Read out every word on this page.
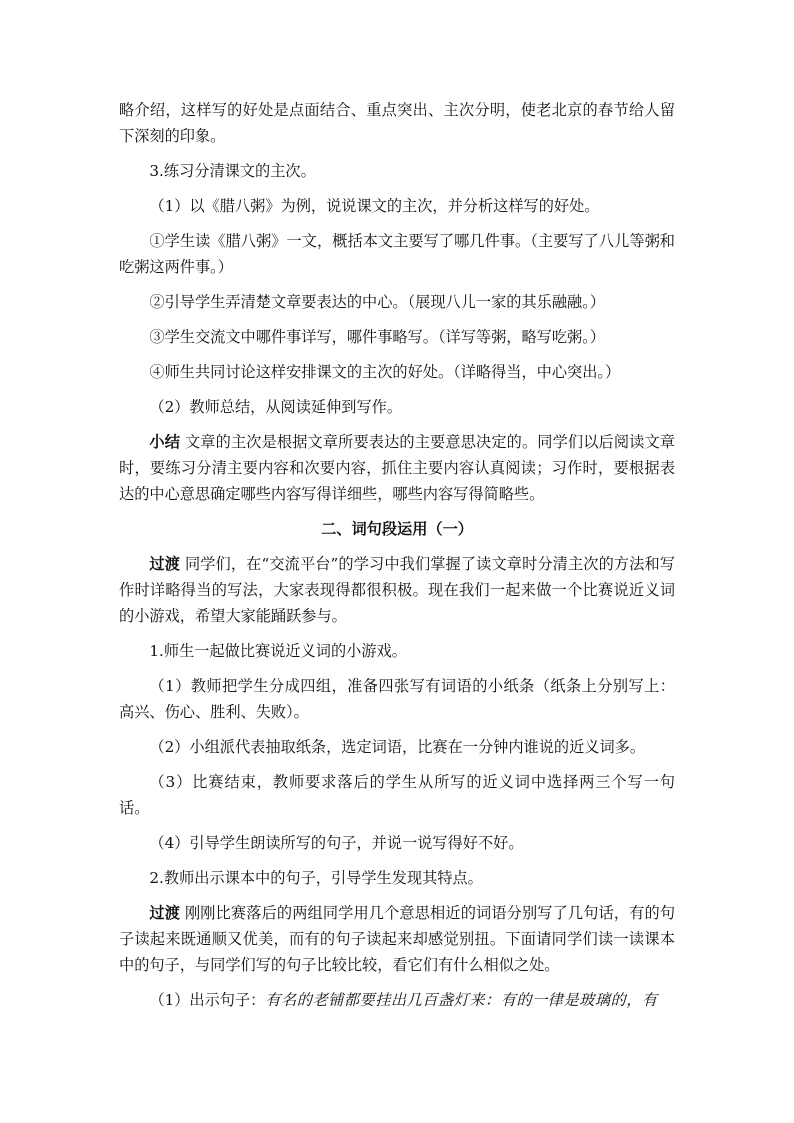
略介绍，这样写的好处是点面结合、重点突出、主次分明，使老北京的春节给人留下深刻的印象。

3.练习分清课文的主次。

（1）以《腊八粥》为例，说说课文的主次，并分析这样写的好处。

①学生读《腊八粥》一文，概括本文主要写了哪几件事。（主要写了八儿等粥和吃粥这两件事。）

②引导学生弄清楚文章要表达的中心。（展现八儿一家的其乐融融。）

③学生交流文中哪件事详写，哪件事略写。（详写等粥，略写吃粥。）

④师生共同讨论这样安排课文的主次的好处。（详略得当，中心突出。）

（2）教师总结，从阅读延伸到写作。

小结 文章的主次是根据文章所要表达的主要意思决定的。同学们以后阅读文章时，要练习分清主要内容和次要内容，抓住主要内容认真阅读；习作时，要根据表达的中心意思确定哪些内容写得详细些，哪些内容写得简略些。

二、词句段运用（一）

过渡 同学们，在“交流平台”的学习中我们掌握了读文章时分清主次的方法和写作时详略得当的写法，大家表现得都很积极。现在我们一起来做一个比赛说近义词的小游戏，希望大家能踊跃参与。

1.师生一起做比赛说近义词的小游戏。

（1）教师把学生分成四组，准备四张写有词语的小纸条（纸条上分别写上：高兴、伤心、胜利、失败）。

（2）小组派代表抽取纸条，选定词语，比赛在一分钟内谁说的近义词多。

（3）比赛结束，教师要求落后的学生从所写的近义词中选择两三个写一句话。

（4）引导学生朗读所写的句子，并说一说写得好不好。

2.教师出示课本中的句子，引导学生发现其特点。

过渡 刚刚比赛落后的两组同学用几个意思相近的词语分别写了几句话，有的句子读起来既通顺又优美，而有的句子读起来却感觉别扭。下面请同学们读一读课本中的句子，与同学们写的句子比较比较，看它们有什么相似之处。

（1）出示句子：有名的老铺都要挂出几百盏灯来：有的一律是玻璃的，有
